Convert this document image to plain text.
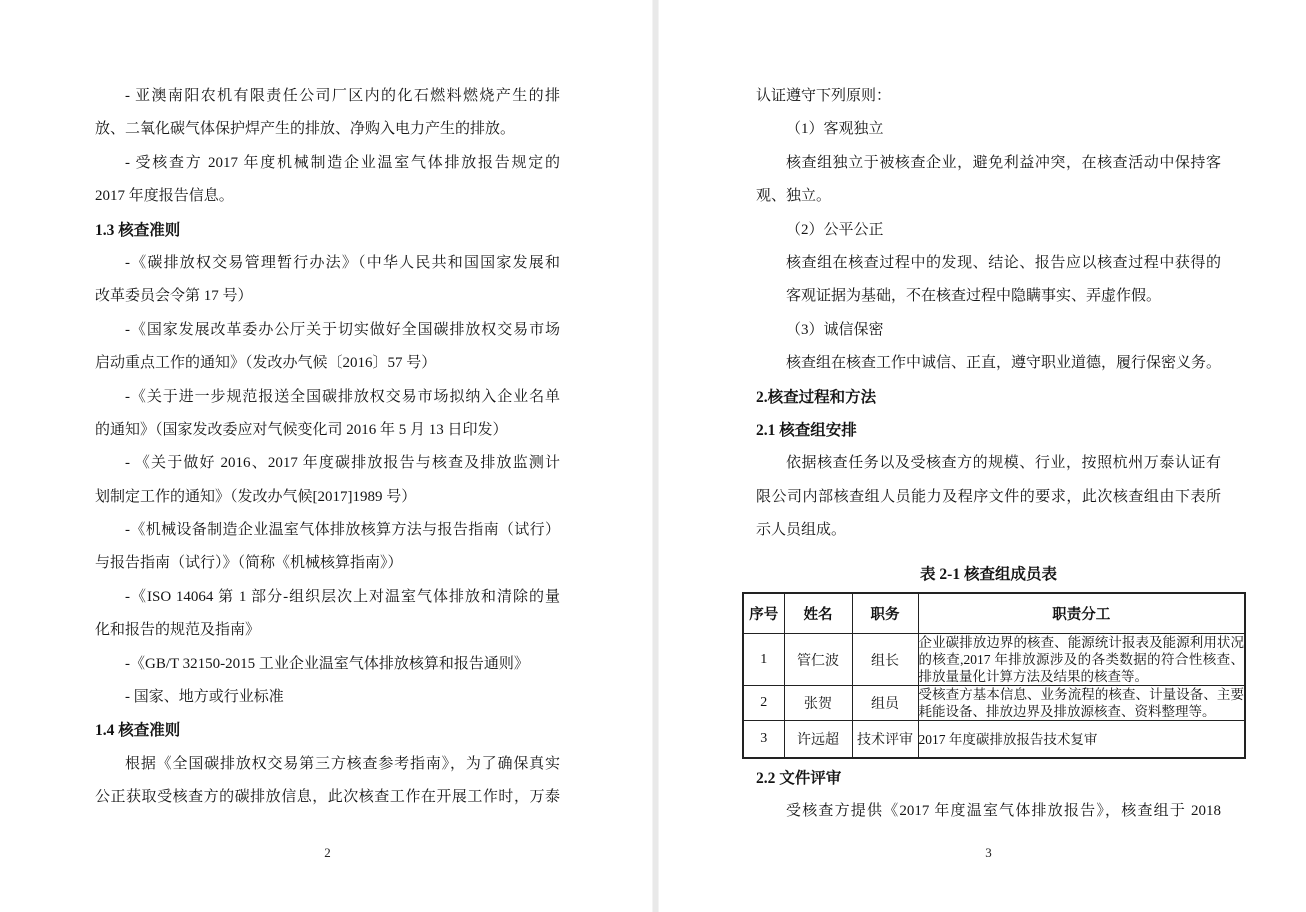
- 亚澳南阳农机有限责任公司厂区内的化石燃料燃烧产生的排
放、二氧化碳气体保护焊产生的排放、净购入电力产生的排放。
- 受核查方 2017 年度机械制造企业温室气体排放报告规定的
2017 年度报告信息。
1.3 核查准则
-《碳排放权交易管理暂行办法》（中华人民共和国国家发展和
改革委员会令第 17 号）
-《国家发展改革委办公厅关于切实做好全国碳排放权交易市场
启动重点工作的通知》（发改办气候〔2016〕57 号）
-《关于进一步规范报送全国碳排放权交易市场拟纳入企业名单
的通知》（国家发改委应对气候变化司 2016 年 5 月 13 日印发）
- 《关于做好 2016、2017 年度碳排放报告与核查及排放监测计
划制定工作的通知》（发改办气候[2017]1989 号）
-《机械设备制造企业温室气体排放核算方法与报告指南（试行）
与报告指南（试行）》（简称《机械核算指南》）
-《ISO 14064 第 1 部分-组织层次上对温室气体排放和清除的量
化和报告的规范及指南》
-《GB/T 32150-2015 工业企业温室气体排放核算和报告通则》
- 国家、地方或行业标准
1.4 核查准则
根据《全国碳排放权交易第三方核查参考指南》，为了确保真实
公正获取受核查方的碳排放信息，此次核查工作在开展工作时，万泰
2
认证遵守下列原则：
（1）客观独立
核查组独立于被核查企业，避免利益冲突，在核查活动中保持客
观、独立。
（2）公平公正
核查组在核查过程中的发现、结论、报告应以核查过程中获得的
客观证据为基础，不在核查过程中隐瞒事实、弄虚作假。
（3）诚信保密
核查组在核查工作中诚信、正直，遵守职业道德，履行保密义务。
2.核查过程和方法
2.1 核查组安排
依据核查任务以及受核查方的规模、行业，按照杭州万泰认证有
限公司内部核查组人员能力及程序文件的要求，此次核查组由下表所
示人员组成。
表 2-1 核查组成员表
序号	姓名	职务	职责分工
1	管仁波	组长	企业碳排放边界的核查、能源统计报表及能源利用状况的核查,2017 年排放源涉及的各类数据的符合性核查、排放量量化计算方法及结果的核查等。
2	张贺	组员	受核查方基本信息、业务流程的核查、计量设备、主要耗能设备、排放边界及排放源核查、资料整理等。
3	许远超	技术评审	2017 年度碳排放报告技术复审
2.2 文件评审
受核查方提供《2017 年度温室气体排放报告》，核查组于 2018
3
